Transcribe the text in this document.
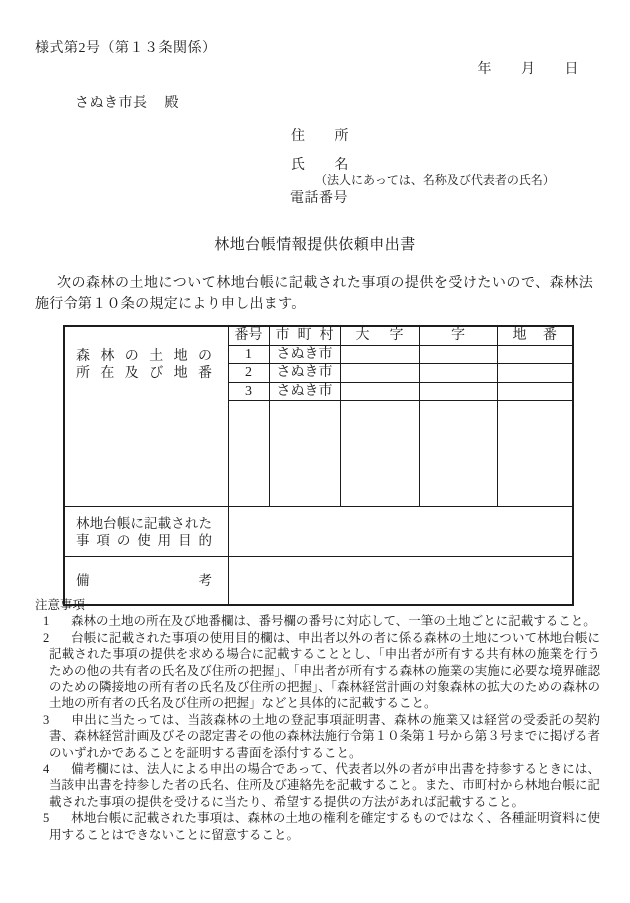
様式第2号（第１３条関係）
年　　月　　日
さぬき市長 殿
住　　所
氏　　名
（法人にあっては、名称及び代表者の氏名）
電話番号
林地台帳情報提供依頼申出書
次の森林の土地について林地台帳に記載された事項の提供を受けたいので、森林法施行令第１０条の規定により申し出ます。
森林の土地の
所在及び地番	番号	市町村	大字	字	地番

	1	さぬき市			
	2	さぬき市			
	3	さぬき市			

林地台帳に記載された
事項の使用目的					

備考					

注意事項
1 森林の土地の所在及び地番欄は、番号欄の番号に対応して、一筆の土地ごとに記載すること。
2 台帳に記載された事項の使用目的欄は、申出者以外の者に係る森林の土地について林地台帳に記載された事項の提供を求める場合に記載することとし、「申出者が所有する共有林の施業を行うための他の共有者の氏名及び住所の把握」、「申出者が所有する森林の施業の実施に必要な境界確認のための隣接地の所有者の氏名及び住所の把握」、「森林経営計画の対象森林の拡大のための森林の土地の所有者の氏名及び住所の把握」などと具体的に記載すること。
3 申出に当たっては、当該森林の土地の登記事項証明書、森林の施業又は経営の受委託の契約書、森林経営計画及びその認定書その他の森林法施行令第１０条第１号から第３号までに掲げる者のいずれかであることを証明する書面を添付すること。
4 備考欄には、法人による申出の場合であって、代表者以外の者が申出書を持参するときには、当該申出書を持参した者の氏名、住所及び連絡先を記載すること。また、市町村から林地台帳に記載された事項の提供を受けるに当たり、希望する提供の方法があれば記載すること。
5 林地台帳に記載された事項は、森林の土地の権利を確定するものではなく、各種証明資料に使用することはできないことに留意すること。
